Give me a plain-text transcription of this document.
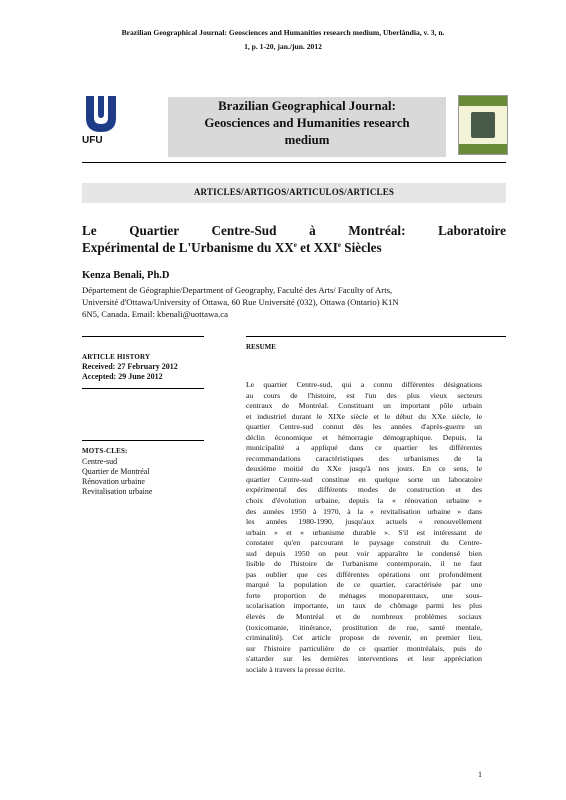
Brazilian Geographical Journal: Geosciences and Humanities research medium, Uberlândia, v. 3, n.
1, p. 1-20, jan./jun. 2012
UFU
Brazilian Geographical Journal:
Geosciences and Humanities research
medium
ARTICLES/ARTIGOS/ARTICULOS/ARTICLES
Le Quartier Centre-Sud à Montréal: Laboratoire
Expérimental de L'Urbanisme du XXe et XXIe Siècles
Kenza Benali, Ph.D
Département de Géographie/Department of Geography, Faculté des Arts/ Faculty of Arts,
Université d'Ottawa/University of Ottawa, 60 Rue Université (032), Ottawa (Ontario) K1N
6N5, Canada. Email: kbenali@uottawa.ca
ARTICLE HISTORY
Received: 27 February 2012
Accepted: 29 June 2012
MOTS-CLES:
Centre-sud
Quartier de Montréal
Rénovation urbaine
Revitalisation urbaine
RESUME
Le quartier Centre-sud, qui a connu différentes désignations
au cours de l'histoire, est l'un des plus vieux secteurs
centraux de Montréal. Constituant un important pôle urbain
et industriel durant le XIXe siècle et le début du XXe siècle, le
quartier Centre-sud connut dès les années d'après-guerre un
déclin économique et hémorragie démographique. Depuis, la
municipalité a appliqué dans ce quartier les différentes
recommandations caractéristiques des urbanismes de la
deuxième moitié du XXe jusqu'à nos jours. En ce sens, le
quartier Centre-sud constitue en quelque sorte un laboratoire
expérimental des différents modes de construction et des
choix d'évolution urbaine, depuis la « rénovation urbaine »
des années 1950 à 1970, à la « revitalisation urbaine » dans
les années 1980-1990, jusqu'aux actuels « renouvellement
urbain » et « urbanisme durable ». S'il est intéressant de
constater qu'en parcourant le paysage construit du Centre-
sud depuis 1950 on peut voir apparaître le condensé bien
lisible de l'histoire de l'urbanisme contemporain, il ne faut
pas oublier que ces différentes opérations ont profondément
marqué la population de ce quartier, caractérisée par une
forte proportion de ménages monoparentaux, une sous-
scolarisation importante, un taux de chômage parmi les plus
élevés de Montréal et de nombreux problèmes sociaux
(toxicomanie, itinérance, prostitution de rue, santé mentale,
criminalité). Cet article propose de revenir, en premier lieu,
sur l'histoire particulière de ce quartier montréalais, puis de
s'attarder sur les dernières interventions et leur appréciation
sociale à travers la presse écrite.
1
